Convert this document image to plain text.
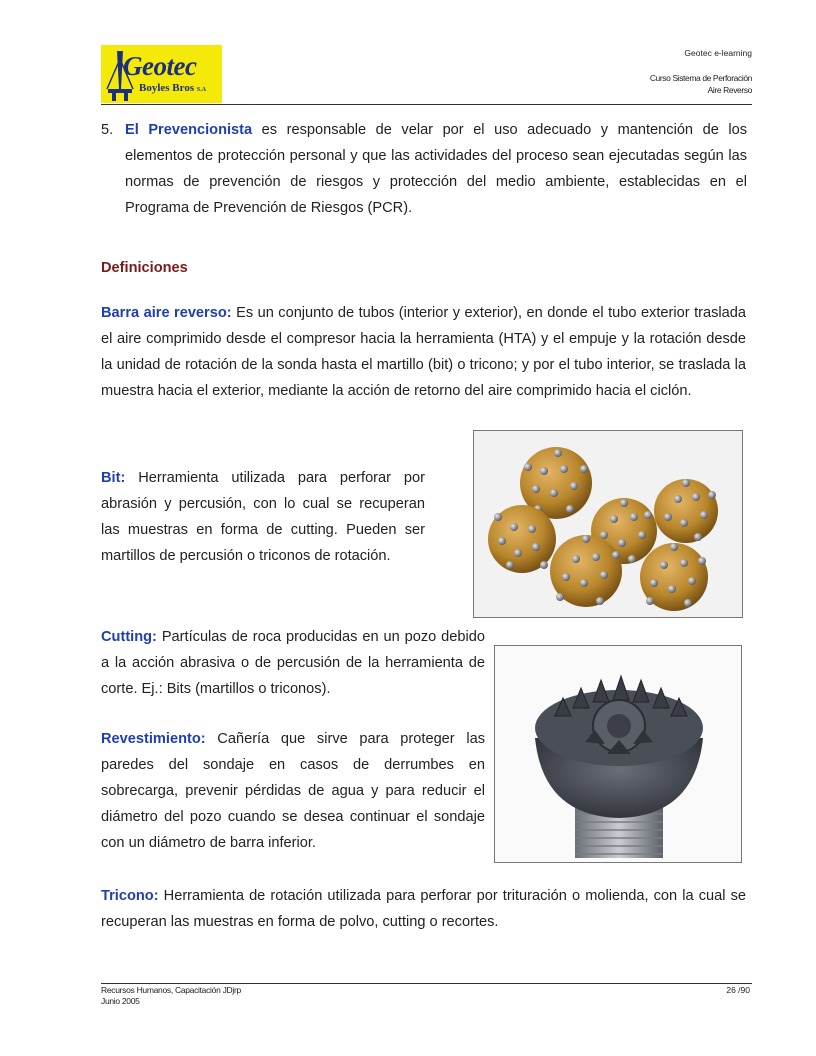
Geotec
Boyles Bros S.A
Geotec e-learning
Curso Sistema de Perforación
Aire Reverso
5. El Prevencionista es responsable de velar por el uso adecuado y mantención de los elementos de protección personal y que las actividades del proceso sean ejecutadas según las normas de prevención de riesgos y protección del medio ambiente, establecidas en el Programa de Prevención de Riesgos (PCR).
Definiciones
Barra aire reverso: Es un conjunto de tubos (interior y exterior), en donde el tubo exterior traslada el aire comprimido desde el compresor hacia la herramienta (HTA) y el empuje y la rotación desde la unidad de rotación de la sonda hasta el martillo (bit) o tricono; y por el tubo interior, se traslada la muestra hacia el exterior, mediante la acción de retorno del aire comprimido hacia el ciclón.
Bit: Herramienta utilizada para perforar por abrasión y percusión, con lo cual se recuperan las muestras en forma de cutting. Pueden ser martillos de percusión o triconos de rotación.
Cutting: Partículas de roca producidas en un pozo debido a la acción abrasiva o de percusión de la herramienta de corte. Ej.: Bits (martillos o triconos).
Revestimiento: Cañería que sirve para proteger las paredes del sondaje en casos de derrumbes en sobrecarga, prevenir pérdidas de agua y para reducir el diámetro del pozo cuando se desea continuar el sondaje con un diámetro de barra inferior.
Tricono: Herramienta de rotación utilizada para perforar por trituración o molienda, con la cual se recuperan las muestras en forma de polvo, cutting o recortes.
Recursos Humanos, Capacitación JDjrp
Junio 2005
26 /90
